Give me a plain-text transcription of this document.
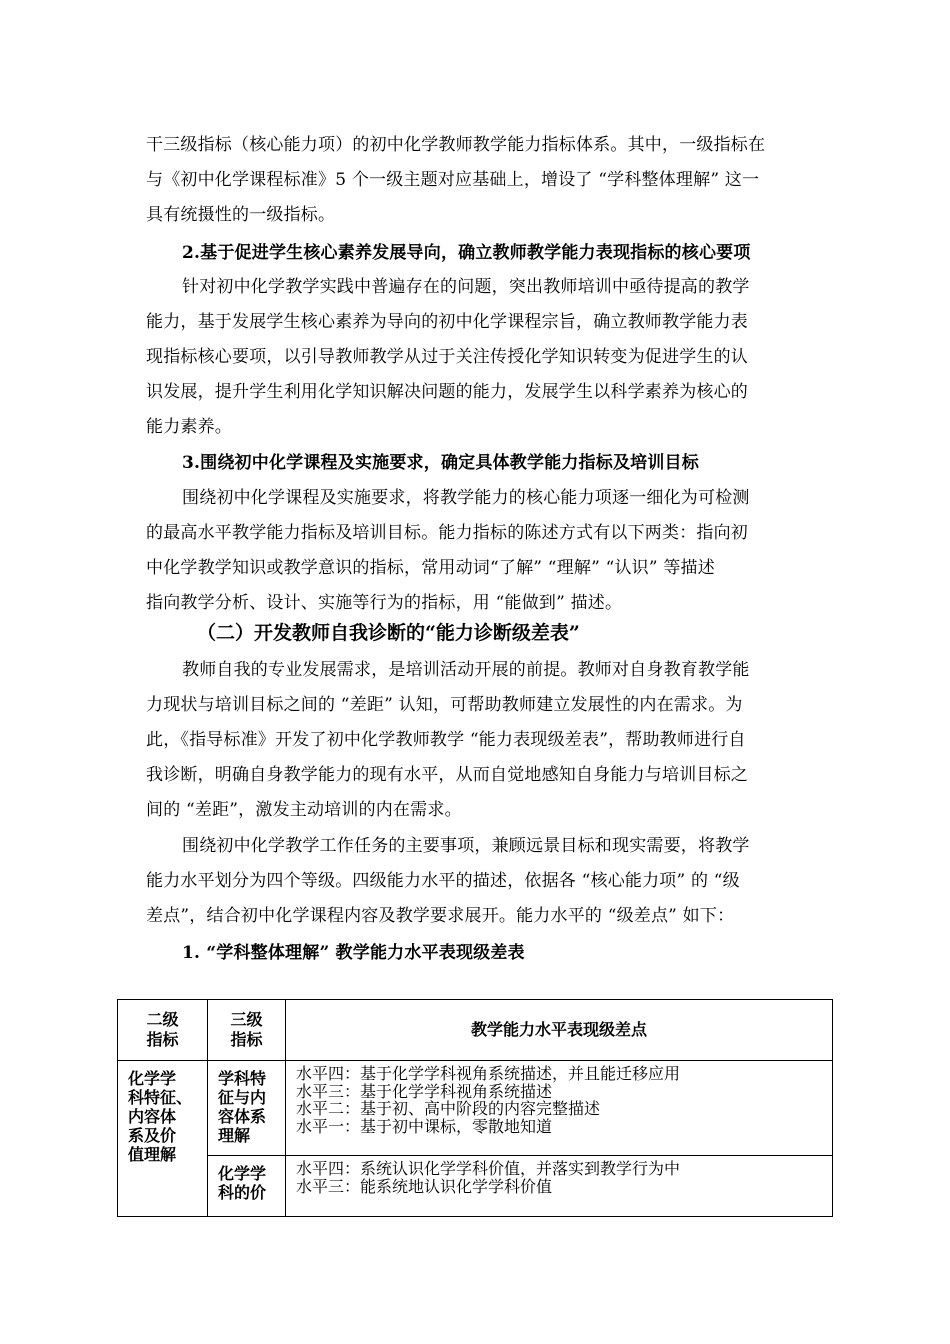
干三级指标（核心能力项）的初中化学教师教学能力指标体系。其中，一级指标在
与《初中化学课程标准》5 个一级主题对应基础上，增设了 “学科整体理解” 这一
具有统摄性的一级指标。
2.基于促进学生核心素养发展导向，确立教师教学能力表现指标的核心要项
针对初中化学教学实践中普遍存在的问题，突出教师培训中亟待提高的教学
能力，基于发展学生核心素养为导向的初中化学课程宗旨，确立教师教学能力表
现指标核心要项，以引导教师教学从过于关注传授化学知识转变为促进学生的认
识发展，提升学生利用化学知识解决问题的能力，发展学生以科学素养为核心的
能力素养。
3.围绕初中化学课程及实施要求，确定具体教学能力指标及培训目标
围绕初中化学课程及实施要求，将教学能力的核心能力项逐一细化为可检测
的最高水平教学能力指标及培训目标。能力指标的陈述方式有以下两类：指向初
中化学教学知识或教学意识的指标，常用动词“了解” “理解” “认识” 等描述
指向教学分析、设计、实施等行为的指标，用 “能做到” 描述。
（二）开发教师自我诊断的“能力诊断级差表”
教师自我的专业发展需求，是培训活动开展的前提。教师对自身教育教学能
力现状与培训目标之间的 “差距” 认知，可帮助教师建立发展性的内在需求。为
此，《指导标准》开发了初中化学教师教学 “能力表现级差表”，帮助教师进行自
我诊断，明确自身教学能力的现有水平，从而自觉地感知自身能力与培训目标之
间的 “差距”，激发主动培训的内在需求。
围绕初中化学教学工作任务的主要事项，兼顾远景目标和现实需要，将教学
能力水平划分为四个等级。四级能力水平的描述，依据各 “核心能力项” 的 “级
差点”，结合初中化学课程内容及教学要求展开。能力水平的 “级差点” 如下：
1. “学科整体理解” 教学能力水平表现级差表
二级
指标	三级
指标	教学能力水平表现级差点

化学学
科特征、
内容体
系及价
值理解	学科特
征与内
容体系
理解	水平四：基于化学学科视角系统描述，并且能迁移应用
水平三：基于化学学科视角系统描述
水平二：基于初、高中阶段的内容完整描述
水平一：基于初中课标，零散地知道

	化学学
科的价	水平四：系统认识化学学科价值，并落实到教学行为中
水平三：能系统地认识化学学科价值
